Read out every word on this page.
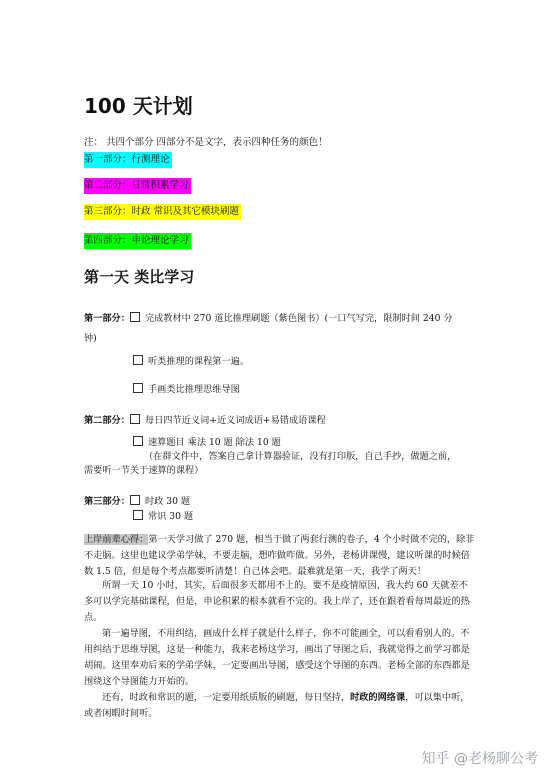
100 天计划
注： 共四个部分 四部分不是文字，表示四种任务的颜色！
第一部分：行测理论
第二部分：日常积累学习
第三部分：时政 常识及其它模块刷题
第四部分：申论理论学习
第一天 类比学习
第一部分： 完成教材中 270 道比推理刷题（紫色图书）(一口气写完，限制时间 240 分
钟)
听类推理的课程第一遍。
手画类比推理思维导图
第二部分： 每日四节近义词+近义词成语+易错成语课程
速算题目 乘法 10 题 除法 10 题
（在群文件中，答案自己拿计算器验证，没有打印版，自己手抄，做题之前，
需要听一节关于速算的课程）
第三部分： 时政 30 题
常识 30 题
上岸前辈心得：第一天学习做了 270 题，相当于做了两套行测的卷子，4 个小时做不完的，除非不走脑。这里也建议学弟学妹，不要走脑，想咋做咋做。另外，老杨讲课慢，建议听课的时候倍数 1.5 倍，但是每个考点都要听清楚！自己体会吧。最难就是第一天，我学了两天！
所谓一天 10 小时，其实，后面很多天都用不上的。要不是疫情原因，我大约 60 天就差不多可以学完基础课程，但是，申论积累的根本就看不完的。我上岸了，还在跟着看每周最近的热点。
第一遍导图，不用纠结，画成什么样子就是什么样子，你不可能画全，可以看看别人的。不用纠结于思维导图，这是一种能力，我来老杨这学习，画出了导图之后，我就觉得之前学习都是胡闹。这里奉劝后来的学弟学妹，一定要画出导图，感受这个导图的东西。老杨全部的东西都是围绕这个导图能力开始的。
还有，时政和常识的题，一定要用纸质版的刷题，每日坚持，时政的网络课，可以集中听，或者闲暇时间听。
知乎 @老杨聊公考
